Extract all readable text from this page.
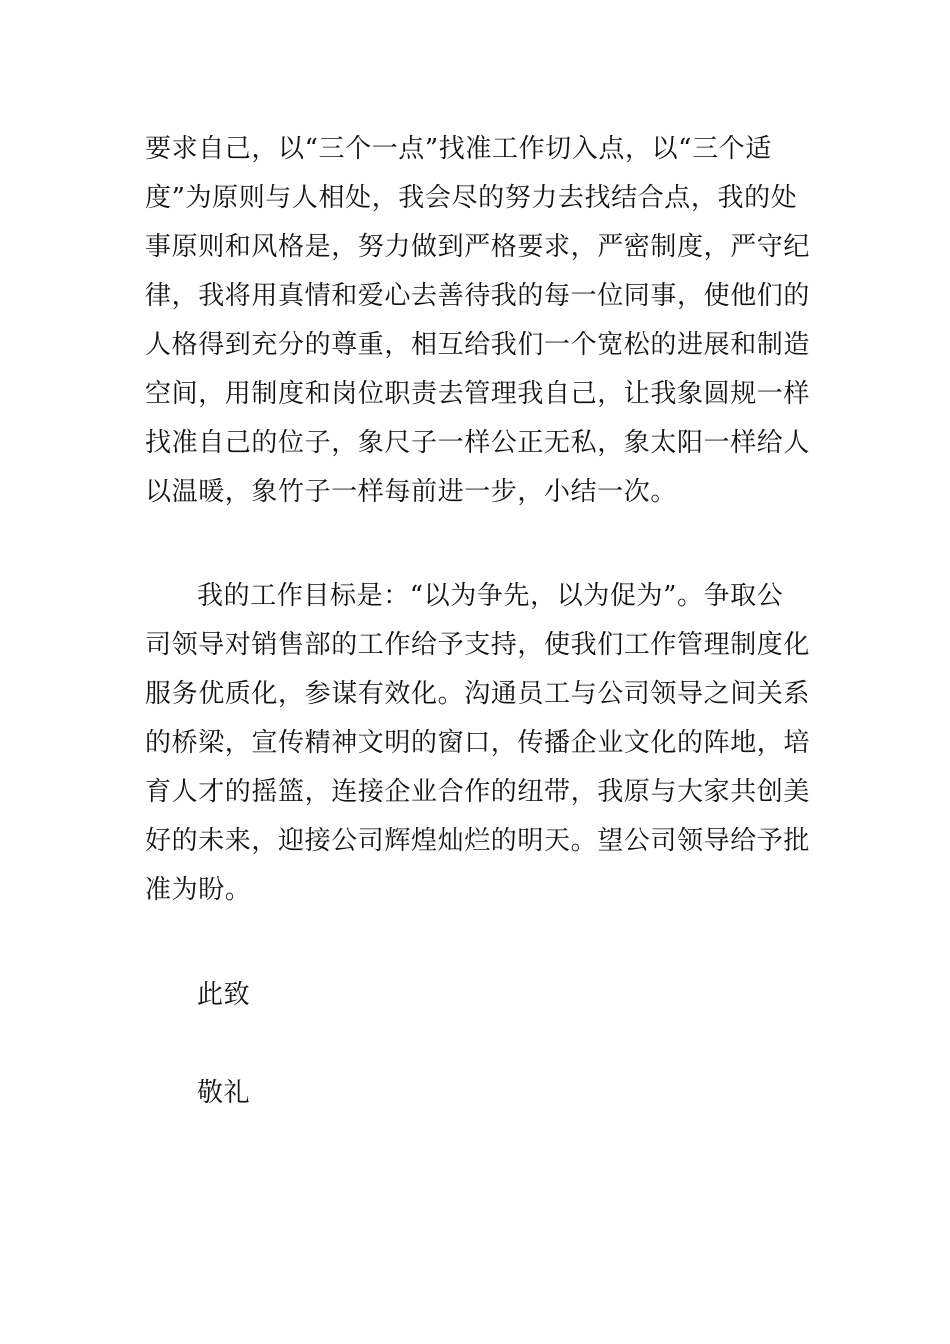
要求自己，以“三个一点”找准工作切入点，以“三个适
度”为原则与人相处，我会尽的努力去找结合点，我的处
事原则和风格是，努力做到严格要求，严密制度，严守纪
律，我将用真情和爱心去善待我的每一位同事，使他们的
人格得到充分的尊重，相互给我们一个宽松的进展和制造
空间，用制度和岗位职责去管理我自己，让我象圆规一样
找准自己的位子，象尺子一样公正无私，象太阳一样给人
以温暖，象竹子一样每前进一步，小结一次。
我的工作目标是：“以为争先，以为促为”。争取公
司领导对销售部的工作给予支持，使我们工作管理制度化
服务优质化，参谋有效化。沟通员工与公司领导之间关系
的桥梁，宣传精神文明的窗口，传播企业文化的阵地，培
育人才的摇篮，连接企业合作的纽带，我原与大家共创美
好的未来，迎接公司辉煌灿烂的明天。望公司领导给予批
准为盼。
此致
敬礼
